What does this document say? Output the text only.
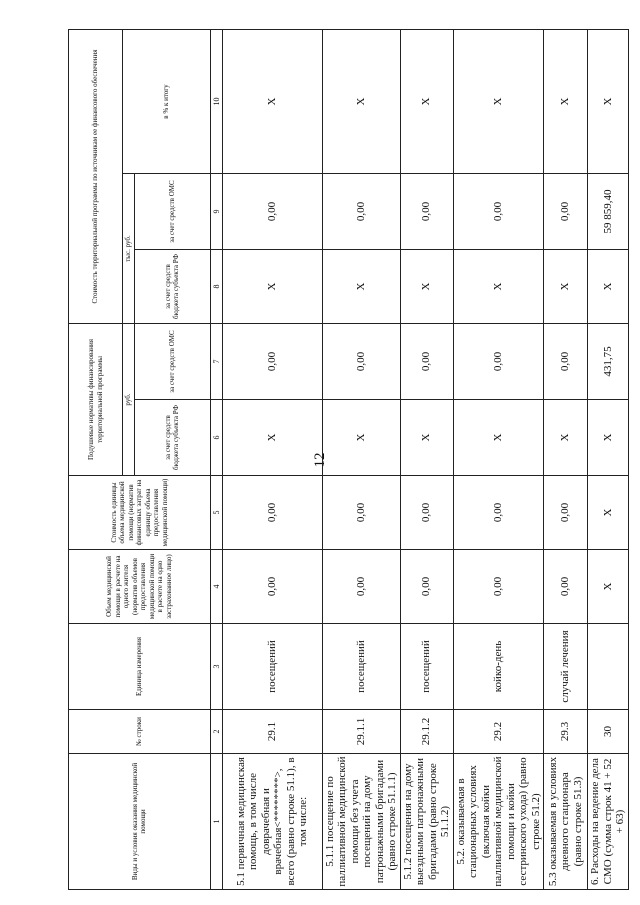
12
Виды и условия оказания медицинской помощи	№ строки	Единица измерения	Объем медицинской помощи в расчете на одного жителя (норматив объемов предоставления медицинской помощи в расчете на одно застрахованное лицо)	Стоимость единицы объема медицинской помощи (норматив финансовых затрат на единицу объема предоставления медицинской помощи)	Подушевые нормативы финансирования территориальной программы		Стоимость территориальной программы по источникам ее финансового обеспечения		
					руб.		тыс. руб.		в % к итогу
					за счет средств бюджета субъекта РФ	за счет средств ОМС	за счет средств бюджета субъекта РФ	за счет средств ОМС	
1	2	3	4	5	6	7	8	9	10
5.1 первичная медицинская помощь, в том числе доврачебная и врачебная<********>, всего (равно строке 51.1), в том числе:	29.1	посещений	0,00	0,00	X	0,00	X	0,00	X
5.1.1 посещение по паллиативной медицинской помощи без учета посещений на дому патронажными бригадами (равно строке 51.1.1)	29.1.1	посещений	0,00	0,00	X	0,00	X	0,00	X
5.1.2 посещения на дому выездными патронажными бригадами (равно строке 51.1.2)	29.1.2	посещений	0,00	0,00	X	0,00	X	0,00	X
5.2. оказываемая в стационарных условиях (включая койки паллиативной медицинской помощи и койки сестринского ухода) (равно строке 51.2)	29.2	койко-день	0,00	0,00	X	0,00	X	0,00	X
5.3 оказываемая в условиях дневного стационара (равно строке 51.3)	29.3	случай лечения	0,00	0,00	X	0,00	X	0,00	X
6. Расходы на ведение дела СМО (сумма строк 41 + 52 + 63)	30		X	X	X	431,75	X	59 859,40	X
